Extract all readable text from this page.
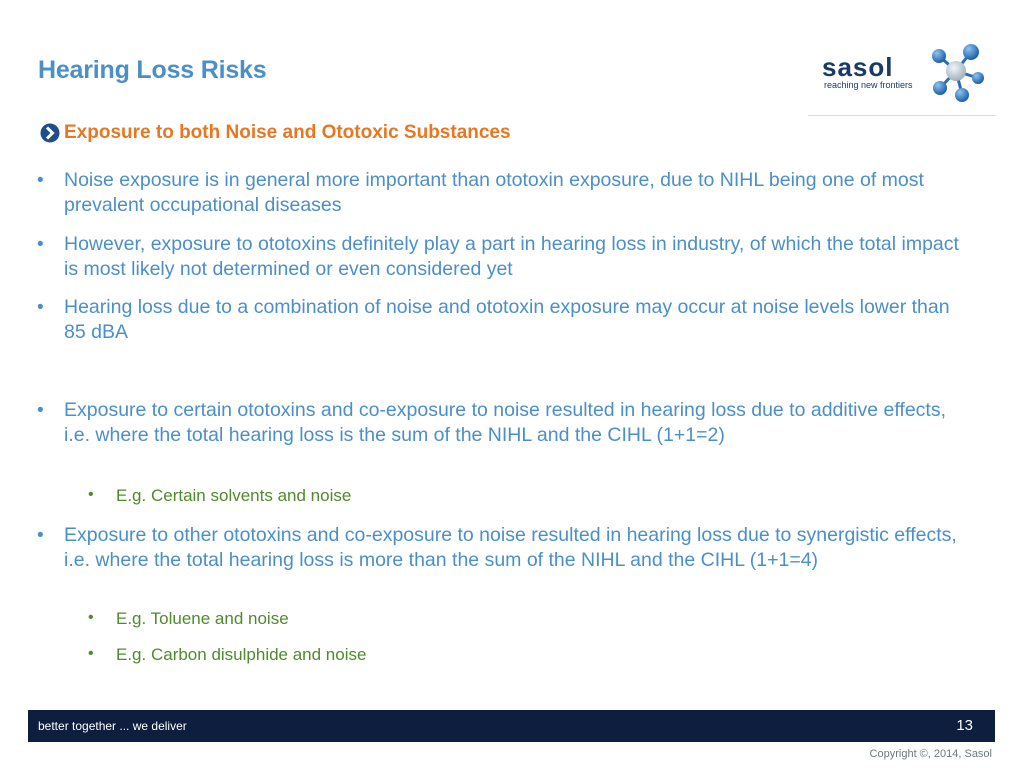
Hearing Loss Risks	sasol
reaching new frontiers
Exposure to both Noise and Ototoxic Substances
• Noise exposure is in general more important than ototoxin exposure, due to NIHL being one of most prevalent occupational diseases
• However, exposure to ototoxins definitely play a part in hearing loss in industry, of which the total impact is most likely not determined or even considered yet
• Hearing loss due to a combination of noise and ototoxin exposure may occur at noise levels lower than 85 dBA
• Exposure to certain ototoxins and co-exposure to noise resulted in hearing loss due to additive effects, i.e. where the total hearing loss is the sum of the NIHL and the CIHL (1+1=2)
• E.g. Certain solvents and noise
• Exposure to other ototoxins and co-exposure to noise resulted in hearing loss due to synergistic effects, i.e. where the total hearing loss is more than the sum of the NIHL and the CIHL (1+1=4)
• E.g. Toluene and noise
• E.g. Carbon disulphide and noise
better together ... we deliver	13
Copyright ©, 2014, Sasol
